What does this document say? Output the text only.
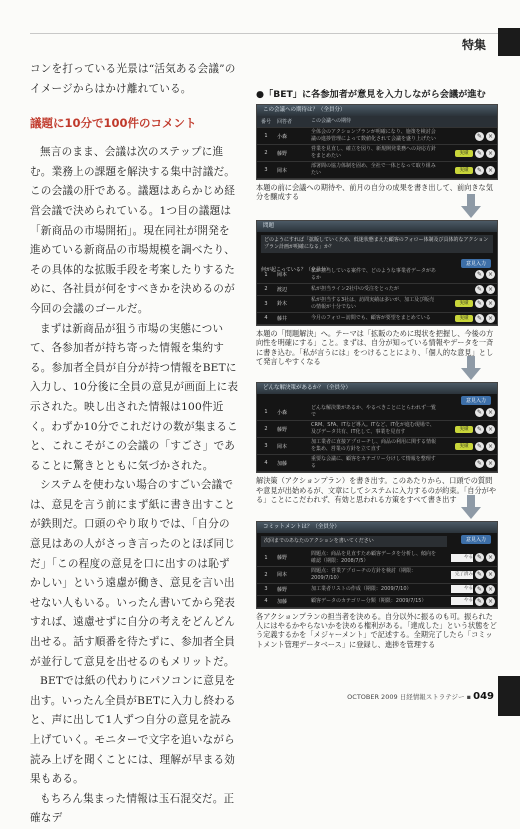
特集

コンを打っている光景は“活気ある会議”のイメージからはかけ離れている。

議題に10分で100件のコメント

無言のまま、会議は次のステップに進む。業務上の課題を解決する集中討議だ。この会議の肝である。議題はあらかじめ経営会議で決められている。1つ目の議題は「新商品の市場開拓」。現在同社が開発を進めている新商品の市場規模を調べたり、その具体的な拡販手段を考案したりするために、各社員が何をすべきかを決めるのが今回の会議のゴールだ。

まずは新商品が狙う市場の実態について、各参加者が持ち寄った情報を集約する。参加者全員が自分が持つ情報をBETに入力し、10分後に全員の意見が画面上に表示された。映し出された情報は100件近く。わずか10分でこれだけの数が集まること、これこそがこの会議の「すごさ」であることに驚きとともに気づかされた。

システムを使わない場合のすごい会議では、意見を言う前にまず紙に書き出すことが鉄則だ。口頭のやり取りでは、「自分の意見はあの人がさっき言ったのとほぼ同じだ」「この程度の意見を口に出すのは恥ずかしい」という遠慮が働き、意見を言い出せない人もいる。いったん書いてから発表すれば、遠慮せずに自分の考えをどんどん出せる。話す順番を待たずに、参加者全員が並行して意見を出せるのもメリットだ。

BETでは紙の代わりにパソコンに意見を出す。いったん全員がBETに入力し終わると、声に出して1人ずつ自分の意見を読み上げていく。モニターで文字を追いながら読み上げを聞くことには、理解が早まる効果もある。

もちろん集まった情報は玉石混交だ。正確なデ

●「BET」に各参加者が意見を入力しながら会議が進む
この会議への期待は？（全員分）
番号	回答者	この会議への期待	
1	小森	全体会のアクションプランが明確になり、施策を検討会議の進捗管理によって数値化されて会議を盛り上げたい	✎ ×
2	藤野	営業を見直し、確立を図り、新規開発業務への対応方針をまとめたい	実績 ✎ ×
3	岡本	部署間の協力体制を固め、全社で一体となって取り組みたい	実績 ✎ ×

本題の前に会議への期待や、前月の自分の成果を書き出して、前向きな気分を醸成する

問題
どのようにすれば「拡販していくため、低迷状態まえた顧客のフォロー体制及び具体的なアクションプラン計画が明確になる」か？
何が起こっている？（全員分）
意見入力
1	岡本	私が担当している案件で、どのような事業者データがあるか	✎ ×
2	渡辺	私が担当ライン2社中の受注をとったが	✎ ×
3	鈴木	私が担当する3社は、訪問実績は多いが、加工及び販売の情報が十分でない	実績 ✎ ×
4	藤井	今月のフォロー訪問でも、顧客が要望をまとめている	実績 ✎ ×

本題の「問題解決」へ。テーマは「拡販のために現状を把握し、今後の方向性を明確にする」こと。まずは、自分が知っている情報やデータを一斉に書き込む。「私が言うには」をつけることにより、「個人的な意見」として発言しやすくなる

どんな解決策があるか？（全員分）
意見入力
1	小森	どんな解決策があるか、やるべきことにとらわれず一覧で	✎ ×
2	藤野	CRM、SFA、ITなど導入。ITなど、IT化が進む現場で、及びデータ共有、IT化して、事業を見直す	実績 ✎ ×
3	岡本	加工業者に直接アプローチし、商品の利用に関する情報を集め、営業の方針を立て直す	実績 ✎ ×
4	加藤	重要な会議に、顧客をカテゴリー分けして情報を整理する	✎ ×

解決策（アクションプラン）を書き出す。このあたりから、口頭での質問や意見が出始めるが、文章にしてシステムに入力するのが約束。「自分がやる」ことにこだわれず、有効と思われる方策をすべて書き出す

コミットメントは？（全員分）
意見入力
次回までのあなたのアクションを書いてください
1	藤野	問題点：商品を見直すため顧客データを分析し、傾向を確認（期限：2008/7/5）	やる ✎ ×
2	岡本	問題点：営業アプローチの方針を検討（期限：2009/7/10）	完了済み ✎ ×
3	藤野	加工業者リストの作成（期限：2009/7/10）	やる ✎ ×
4	加藤	顧客データのカテゴリー分類（期限：2009/7/15）	やる ✎ ×

各アクションプランの担当者を決める。自分以外に振るのも可。振られた人にはやるかやらないかを決める権利がある。「達成した」という状態をどう定義するかを「メジャーメント」で記述する。全期完了したら「コミットメント管理データベース」に登録し、進捗を管理する

OCTOBER 2009 日経情報ストラテジー ▪ 049
